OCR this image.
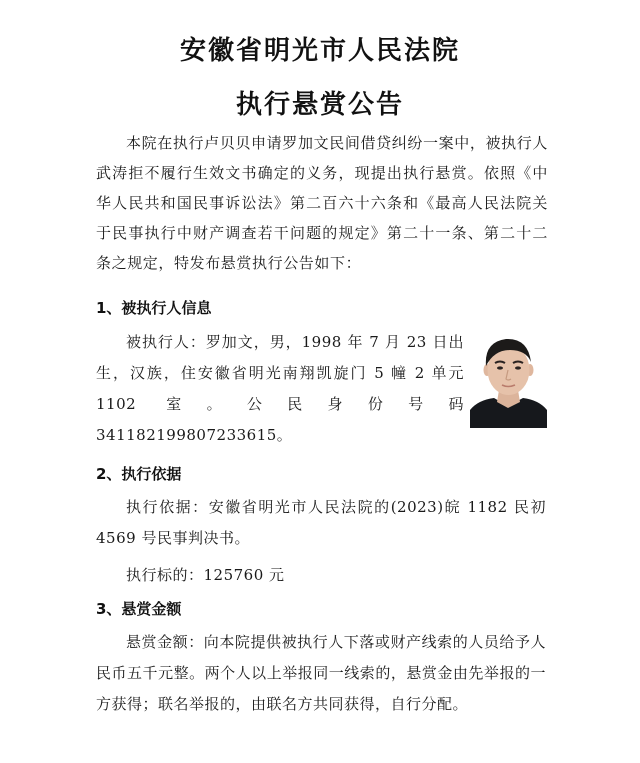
安徽省明光市人民法院
执行悬赏公告

本院在执行卢贝贝申请罗加文民间借贷纠纷一案中，被执行人武涛拒不履行生效文书确定的义务，现提出执行悬赏。依照《中华人民共和国民事诉讼法》第二百六十六条和《最高人民法院关于民事执行中财产调查若干问题的规定》第二十一条、第二十二条之规定，特发布悬赏执行公告如下：

1、被执行人信息

被执行人：罗加文，男，1998 年 7 月 23 日出生，汉族，住安徽省明光南翔凯旋门 5 幢 2 单元 1102 室。公民身份号码 341182199807233615。

2、执行依据

执行依据：安徽省明光市人民法院的(2023)皖 1182 民初 4569 号民事判决书。

执行标的：125760 元

3、悬赏金额

悬赏金额：向本院提供被执行人下落或财产线索的人员给予人民币五千元整。两个人以上举报同一线索的，悬赏金由先举报的一方获得；联名举报的，由联名方共同获得，自行分配。
